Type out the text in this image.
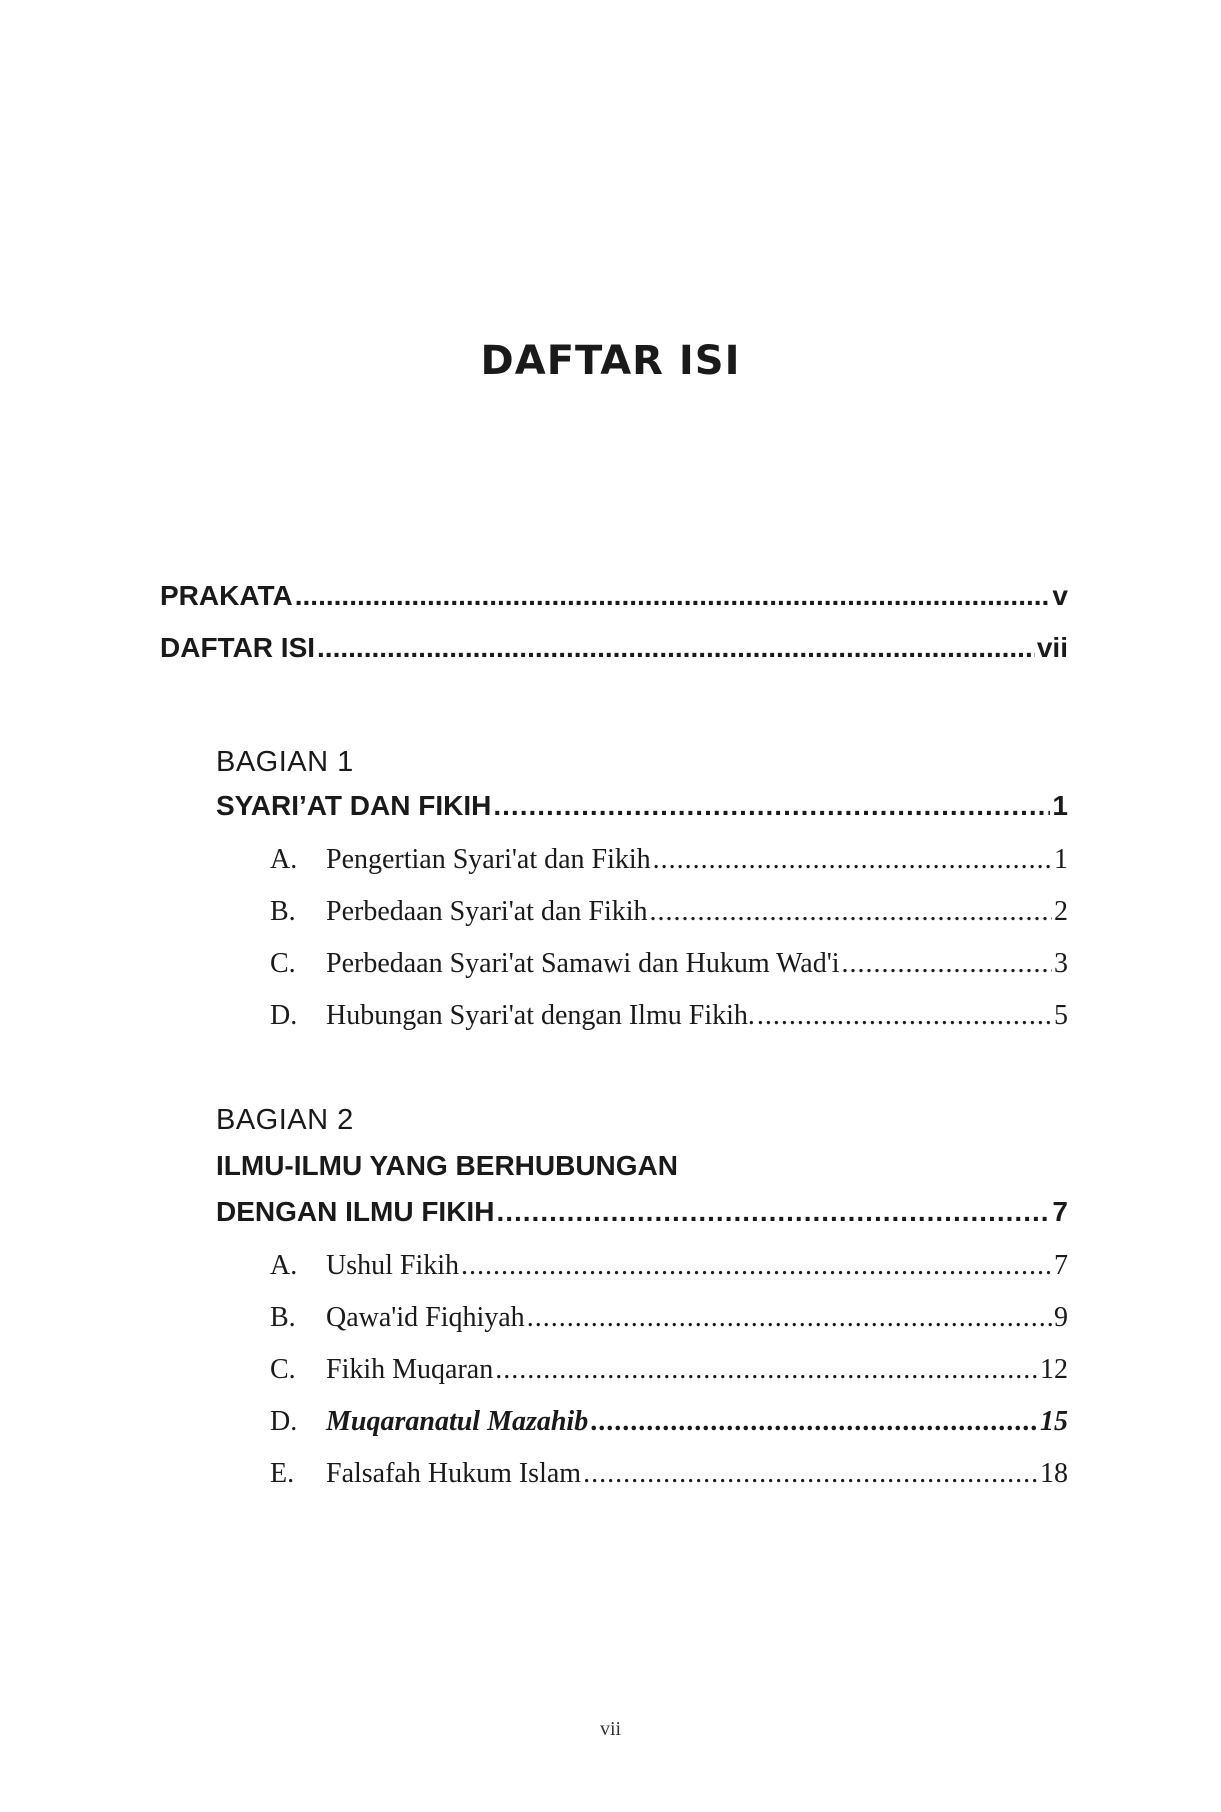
DAFTAR ISI
PRAKATA .....	v
DAFTAR ISI .....	vii
BAGIAN 1
SYARI’AT DAN FIKIH .....	1
A.	Pengertian Syari'at dan Fikih .....	1
B.	Perbedaan Syari'at dan Fikih .....	2
C.	Perbedaan Syari'at Samawi dan Hukum Wad'i .....	3
D.	Hubungan Syari'at dengan Ilmu Fikih. .....	5
BAGIAN 2
ILMU-ILMU YANG BERHUBUNGAN
DENGAN ILMU FIKIH .....	7
A.	Ushul Fikih .....	7
B.	Qawa'id Fiqhiyah .....	9
C.	Fikih Muqaran .....	12
D.	Muqaranatul Mazahib .....	15
E.	Falsafah Hukum Islam .....	18
vii
